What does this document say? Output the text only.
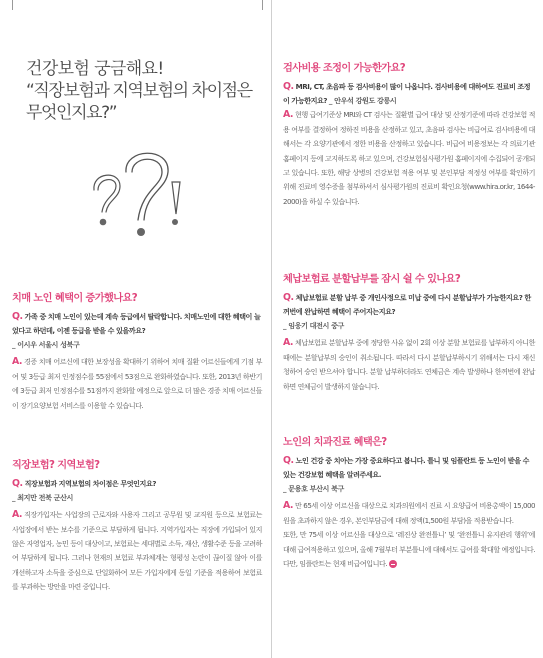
건강보험 궁금해요!
“직장보험과 지역보험의 차이점은
무엇인지요?”
치매 노인 혜택이 증가했나요?
Q. 가족 중 치매 노인이 있는데 계속 등급에서 탈락합니다. 치매노인에 대한 혜택이 늘었다고 하던데, 이젠 등급을 받을 수 있을까요?
_ 이시우 서울시 성북구
A. 경증 치매 어르신에 대한 보장성을 확대하기 위하여 치매 질환 어르신들에게 기점 부여 및 3등급 최저 인정점수를 55점에서 53점으로 완화하였습니다. 또한, 2013년 하반기에 3등급 최저 인정점수를 51점까지 완화할 예정으로 앞으로 더 많은 경증 치매 어르신들이 장기요양보험 서비스를 이용할 수 있습니다.
직장보험? 지역보험?
Q. 직장보험과 지역보험의 차이점은 무엇인지요?
_ 최지만 전북 군산시
A. 직장가입자는 사업장의 근로자와 사용자 그리고 공무원 및 교직원 등으로 보험료는 사업장에서 받는 보수를 기준으로 부담하게 됩니다. 지역가입자는 직장에 가입되어 있지 않은 자영업자, 농민 등이 대상이고, 보험료는 세대별로 소득, 재산, 생활수준 등을 고려하여 부담하게 됩니다. 그러나 현재의 보험료 부과체계는 형평성 논란이 끊이질 않아 이를 개선하고자 소득을 중심으로 단일화하여 모든 가입자에게 동일 기준을 적용하여 보험료를 부과하는 방안을 마련 중입니다.
검사비용 조정이 가능한가요?
Q. MRI, CT, 초음파 등 검사비용이 많이 나옵니다. 검사비용에 대하여도 진료비 조정이 가능한지요? _ 안우석 강원도 강릉시
A. 현행 급여기준상 MRI와 CT 검사는 질환별 급여 대상 및 산정기준에 따라 건강보험 적용 여부를 결정하여 정하진 비용을 산정하고 있고, 초음파 검사는 비급여로 검사비용에 대해서는 각 요양기관에서 정한 비용을 산정하고 있습니다. 비급여 비용정보는 각 의료기관 홈페이지 등에 고지하도록 하고 있으며, 건강보험심사평가원 홈페이지에 수집되어 공개되고 있습니다. 또한, 해당 상병의 건강보험 적용 여부 및 본인부담 적정성 여부를 확인하기 위해 진료비 영수증을 첨부하셔서 심사평가원의 진료비 확인요청(www.hira.or.kr, 1644-2000)을 하실 수 있습니다.
체납보험료 분할납부를 잠시 쉴 수 있나요?
Q. 체납보험료 분할 납부 중 개인사정으로 미납 중에 다시 분할납부가 가능한지요? 한꺼번에 완납하면 혜택이 주어지는지요?
_ 임웅기 대전시 중구
A. 체납보험료 분할납부 중에 정당한 사유 없이 2회 이상 분할 보험료를 납부하지 아니한 때에는 분할납부의 승인이 취소됩니다. 따라서 다시 분할납부하시기 위해서는 다시 재신청하여 승인 받으셔야 합니다. 분할 납부하더라도 연체금은 계속 발생하나 한꺼번에 완납하면 연체금이 발생하지 않습니다.
노인의 치과진료 혜택은?
Q. 노인 건강 중 치아는 가장 중요하다고 봅니다. 틀니 및 임플란트 등 노인이 받을 수 있는 건강보험 혜택을 알려주세요.
_ 문용호 부산시 북구
A. 만 65세 이상 어르신을 대상으로 치과의원에서 진료 시 요양급여 비용총액이 15,000원을 초과하지 않은 경우, 본인부담금에 대해 정액(1,500원 부담)을 적용받습니다.
또한, 만 75세 이상 어르신을 대상으로 ‘레진상 완전틀니’ 및 ‘완전틀니 유지관리 행위’에 대해 급여적용하고 있으며, 올해 7월부터 부분틀니에 대해서도 급여를 확대할 예정입니다. 다만, 임플란트는 현재 비급여입니다.
